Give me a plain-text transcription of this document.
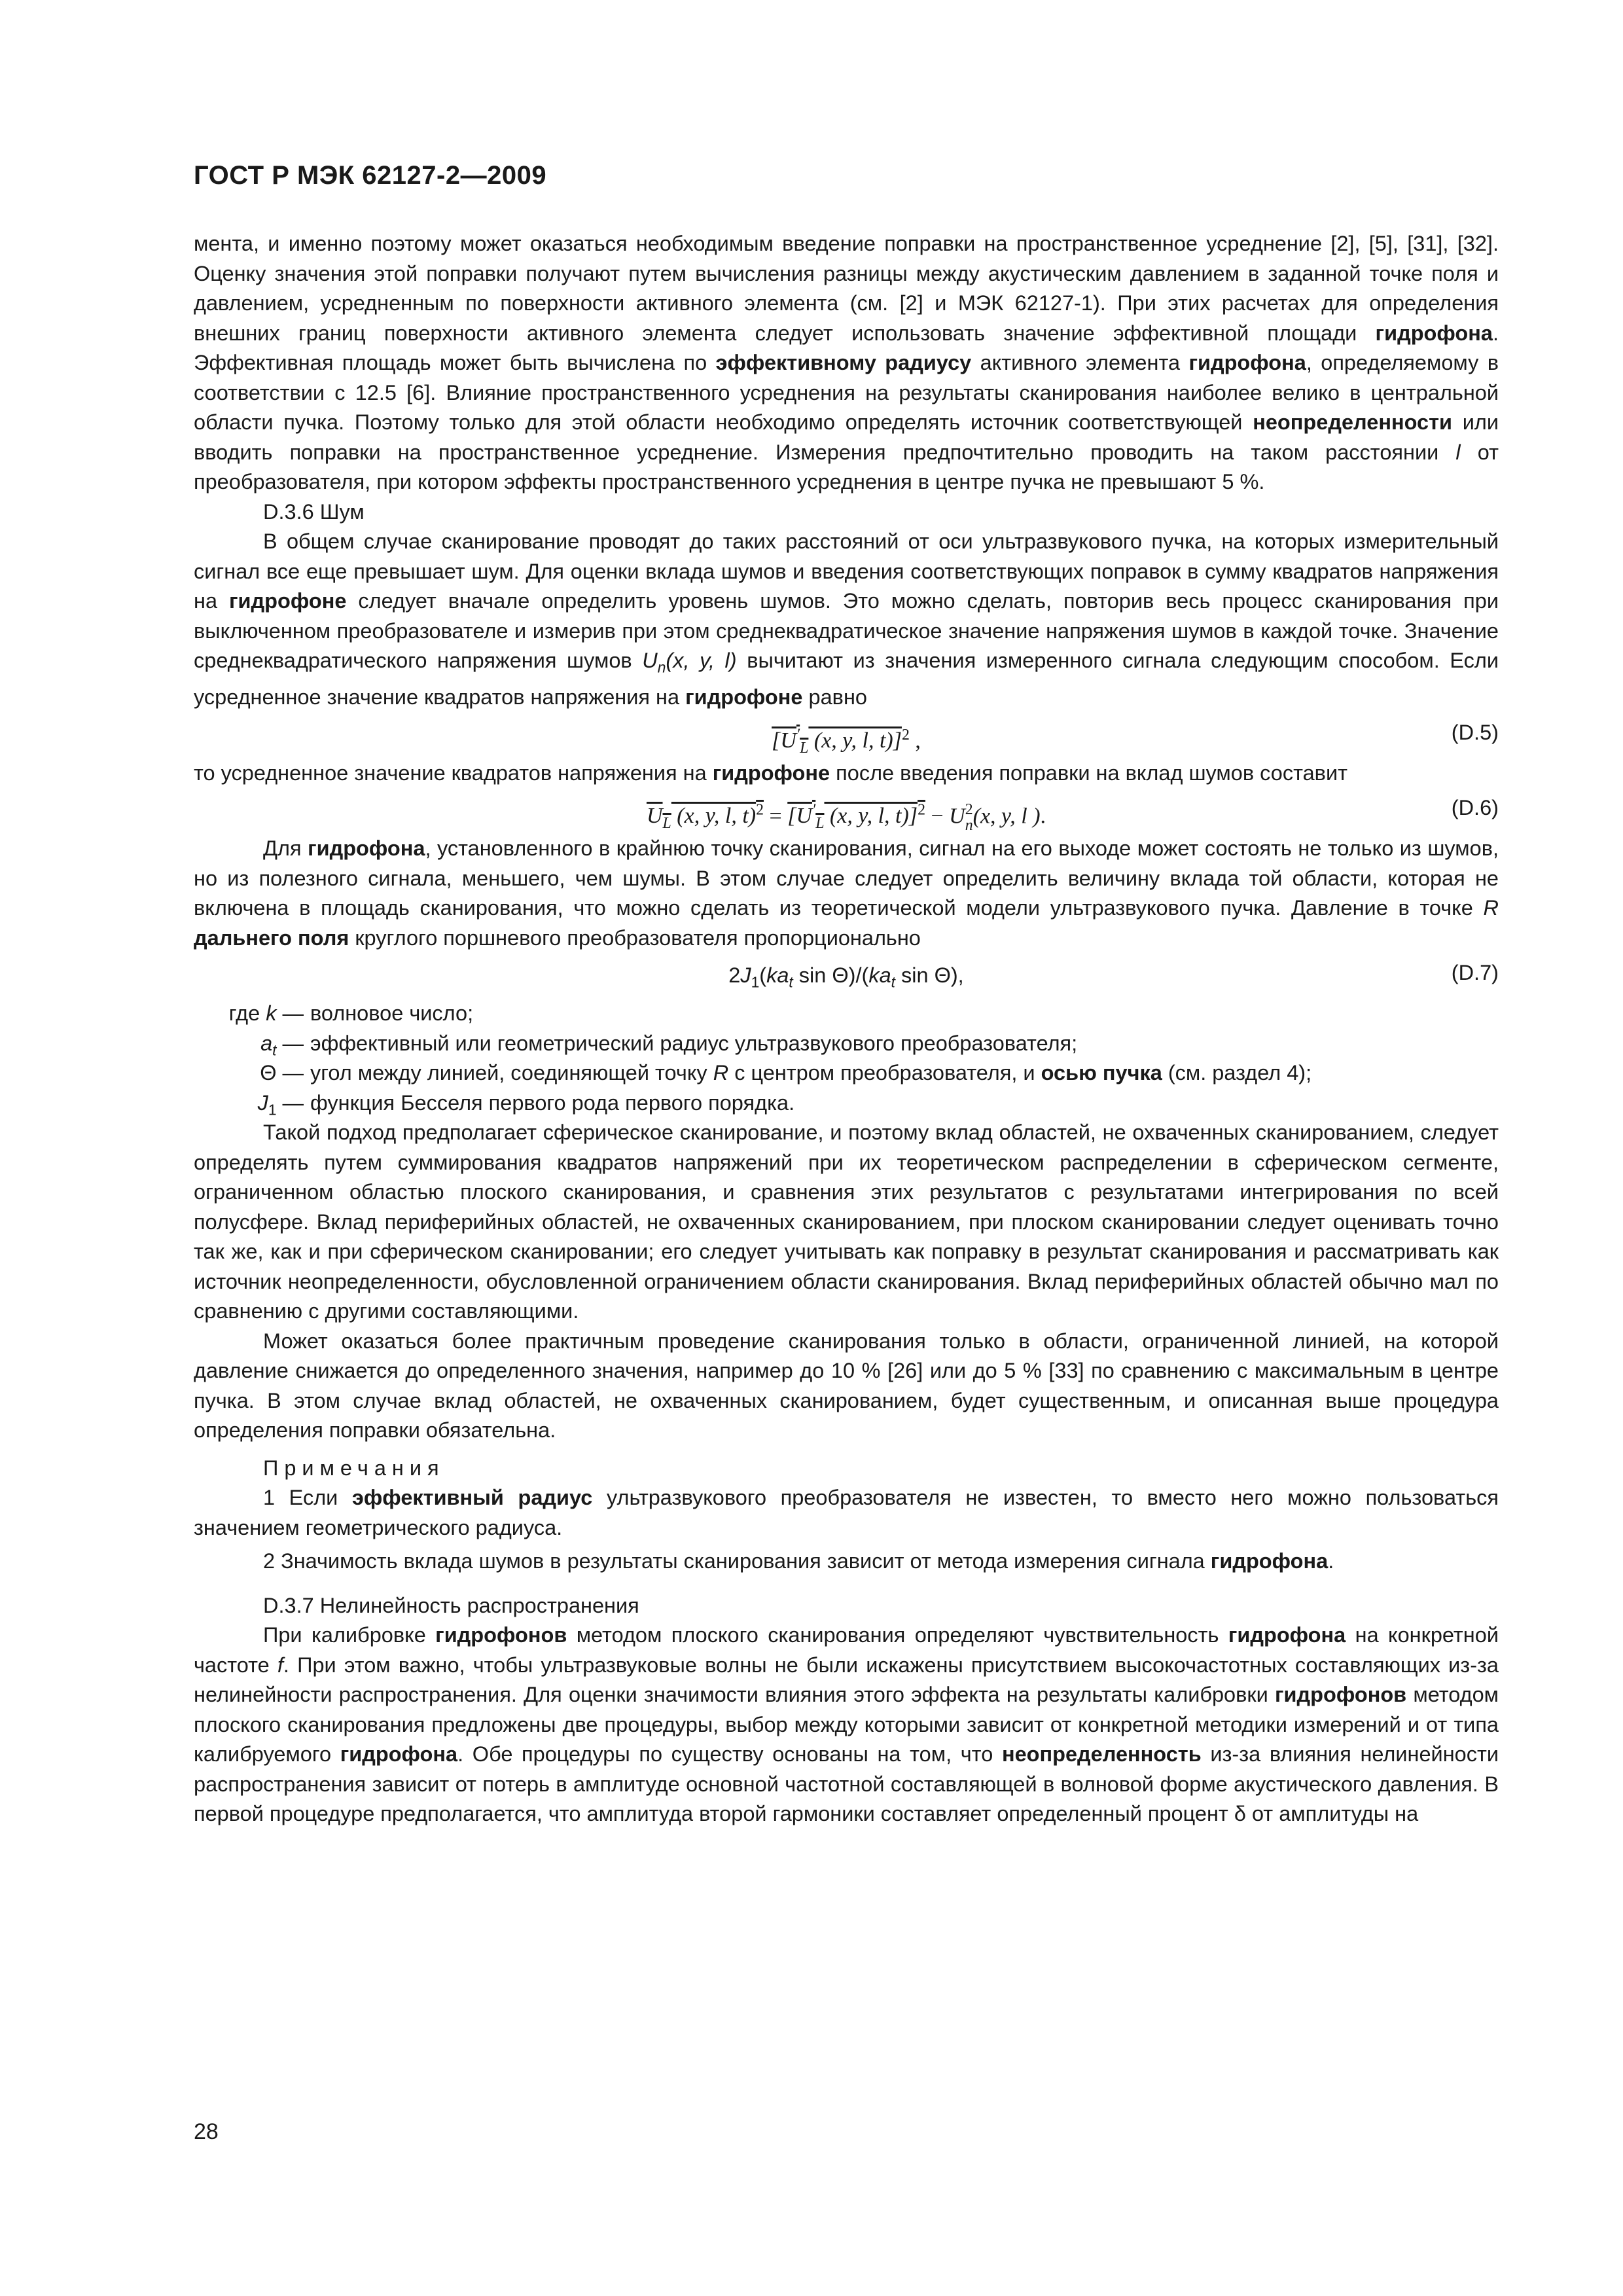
ГОСТ Р МЭК 62127-2—2009

мента, и именно поэтому может оказаться необходимым введение поправки на пространственное усреднение [2], [5], [31], [32]. Оценку значения этой поправки получают путем вычисления разницы между акустическим давлением в заданной точке поля и давлением, усредненным по поверхности активного элемента (см. [2] и МЭК 62127-1). При этих расчетах для определения внешних границ поверхности активного элемента следует использовать значение эффективной площади гидрофона. Эффективная площадь может быть вычислена по эффективному радиусу активного элемента гидрофона, определяемому в соответствии с 12.5 [6]. Влияние пространственного усреднения на результаты сканирования наиболее велико в центральной области пучка. Поэтому только для этой области необходимо определять источник соответствующей неопределенности или вводить поправки на пространственное усреднение. Измерения предпочтительно проводить на таком расстоянии l от преобразователя, при котором эффекты пространственного усреднения в центре пучка не превышают 5 %.

D.3.6 Шум

В общем случае сканирование проводят до таких расстояний от оси ультразвукового пучка, на которых измерительный сигнал все еще превышает шум. Для оценки вклада шумов и введения соответствующих поправок в сумму квадратов напряжения на гидрофоне следует вначале определить уровень шумов. Это можно сделать, повторив весь процесс сканирования при выключенном преобразователе и измерив при этом среднеквадратическое значение напряжения шумов в каждой точке. Значение среднеквадратического напряжения шумов $U_n(x$, y, l) вычитают из значения измеренного сигнала следующим способом. Если усредненное значение квадратов напряжения на гидрофоне равно

[$U'_L$ (x, y, l, t)]$^2$ ,	(D.5)

то усредненное значение квадратов напряжения на гидрофоне после введения поправки на вклад шумов составит

$U_L$ (x, y, l, $t)^2 = [U'_L$ (x, y, l, t)]$^2$ − U 2
n (x, y, l ).	(D.6)

Для гидрофона, установленного в крайнюю точку сканирования, сигнал на его выходе может состоять не только из шумов, но из полезного сигнала, меньшего, чем шумы. В этом случае следует определить величину вклада той области, которая не включена в площадь сканирования, что можно сделать из теоретической модели ультразвукового пучка. Давление в точке R дальнего поля круглого поршневого преобразователя пропорционально

$2J_1(ka_t$ $\sin \Theta)/(ka_t$ sin Θ),	(D.7)
где k — волновое число;
$a_t$ — эффективный или геометрический радиус ультразвукового преобразователя;
Θ — угол между линией, соединяющей точку R с центром преобразователя, и осью пучка (см. раздел 4);
$J_1$ — функция Бесселя первого рода первого порядка.

Такой подход предполагает сферическое сканирование, и поэтому вклад областей, не охваченных сканированием, следует определять путем суммирования квадратов напряжений при их теоретическом распределении в сферическом сегменте, ограниченном областью плоского сканирования, и сравнения этих результатов с результатами интегрирования по всей полусфере. Вклад периферийных областей, не охваченных сканированием, при плоском сканировании следует оценивать точно так же, как и при сферическом сканировании; его следует учитывать как поправку в результат сканирования и рассматривать как источник неопределенности, обусловленной ограничением области сканирования. Вклад периферийных областей обычно мал по сравнению с другими составляющими.

Может оказаться более практичным проведение сканирования только в области, ограниченной линией, на которой давление снижается до определенного значения, например до 10 % [26] или до 5 % [33] по сравнению с максимальным в центре пучка. В этом случае вклад областей, не охваченных сканированием, будет существенным, и описанная выше процедура определения поправки обязательна.

Примечания

1 Если эффективный радиус ультразвукового преобразователя не известен, то вместо него можно пользоваться значением геометрического радиуса.

2 Значимость вклада шумов в результаты сканирования зависит от метода измерения сигнала гидрофона.

D.3.7 Нелинейность распространения

При калибровке гидрофонов методом плоского сканирования определяют чувствительность гидрофона на конкретной частоте f. При этом важно, чтобы ультразвуковые волны не были искажены присутствием высокочастотных составляющих из-за нелинейности распространения. Для оценки значимости влияния этого эффекта на результаты калибровки гидрофонов методом плоского сканирования предложены две процедуры, выбор между которыми зависит от конкретной методики измерений и от типа калибруемого гидрофона. Обе процедуры по существу основаны на том, что неопределенность из-за влияния нелинейности распространения зависит от потерь в амплитуде основной частотной составляющей в волновой форме акустического давления. В первой процедуре предполагается, что амплитуда второй гармоники составляет определенный процент δ от амплитуды на

28
